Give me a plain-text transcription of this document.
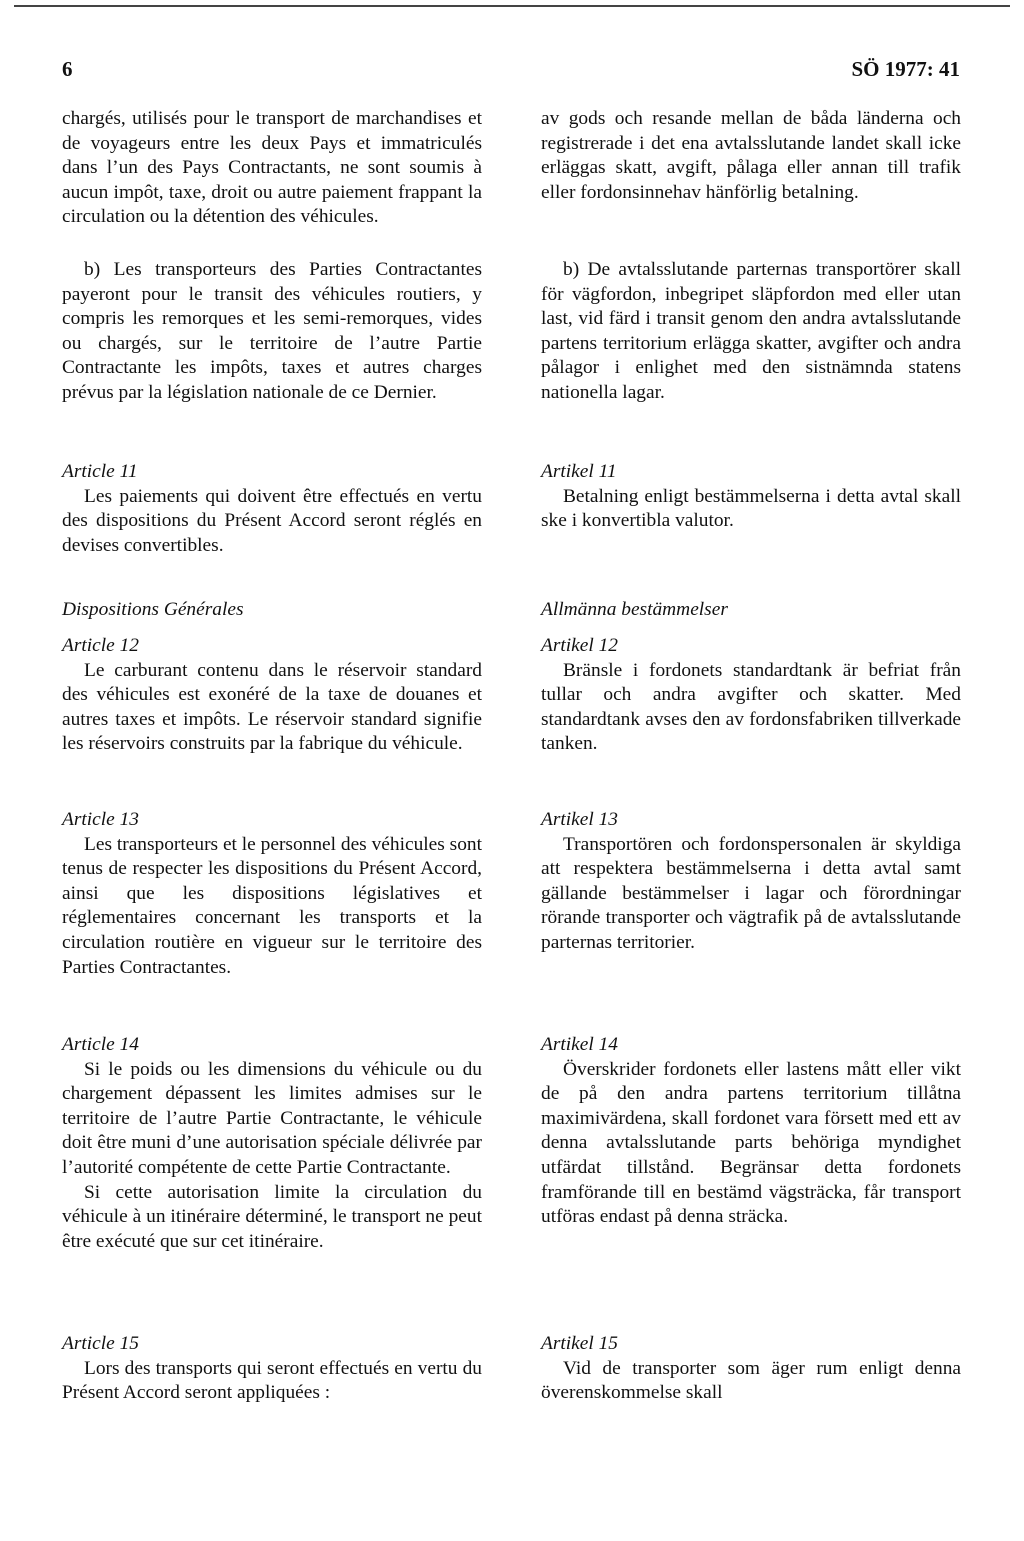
6	SÖ 1977: 41

chargés, utilisés pour le transport de marchandises et de voyageurs entre les deux Pays et immatriculés dans l’un des Pays Contractants, ne sont soumis à aucun impôt, taxe, droit ou autre paiement frappant la circulation ou la détention des véhicules.

b) Les transporteurs des Parties Contractantes payeront pour le transit des véhicules routiers, y compris les remorques et les semi-remorques, vides ou chargés, sur le territoire de l’autre Partie Contractante les impôts, taxes et autres charges prévus par la législation nationale de ce Dernier.

Article 11

Les paiements qui doivent être effectués en vertu des dispositions du Présent Accord seront réglés en devises convertibles.

Dispositions Générales

Article 12

Le carburant contenu dans le réservoir standard des véhicules est exonéré de la taxe de douanes et autres taxes et impôts. Le réservoir standard signifie les réservoirs construits par la fabrique du véhicule.

Article 13

Les transporteurs et le personnel des véhicules sont tenus de respecter les dispositions du Présent Accord, ainsi que les dispositions législatives et réglementaires concernant les transports et la circulation routière en vigueur sur le territoire des Parties Contractantes.

Article 14

Si le poids ou les dimensions du véhicule ou du chargement dépassent les limites admises sur le territoire de l’autre Partie Contractante, le véhicule doit être muni d’une autorisation spéciale délivrée par l’autorité compétente de cette Partie Contractante.

Si cette autorisation limite la circulation du véhicule à un itinéraire déterminé, le transport ne peut être exécuté que sur cet itinéraire.

Article 15

Lors des transports qui seront effectués en vertu du Présent Accord seront appliquées :

av gods och resande mellan de båda länderna och registrerade i det ena avtalsslutande landet skall icke erläggas skatt, avgift, pålaga eller annan till trafik eller fordonsinnehav hänförlig betalning.

b) De avtalsslutande parternas transportörer skall för vägfordon, inbegripet släpfordon med eller utan last, vid färd i transit genom den andra avtalsslutande partens territorium erlägga skatter, avgifter och andra pålagor i enlighet med den sistnämnda statens nationella lagar.

Artikel 11

Betalning enligt bestämmelserna i detta avtal skall ske i konvertibla valutor.

Allmänna bestämmelser

Artikel 12

Bränsle i fordonets standardtank är befriat från tullar och andra avgifter och skatter. Med standardtank avses den av fordonsfabriken tillverkade tanken.

Artikel 13

Transportören och fordonspersonalen är skyldiga att respektera bestämmelserna i detta avtal samt gällande bestämmelser i lagar och förordningar rörande transporter och vägtrafik på de avtalsslutande parternas territorier.

Artikel 14

Överskrider fordonets eller lastens mått eller vikt de på den andra partens territorium tillåtna maximivärdena, skall fordonet vara försett med ett av denna avtalsslutande parts behöriga myndighet utfärdat tillstånd. Begränsar detta fordonets framförande till en bestämd vägsträcka, får transport utföras endast på denna sträcka.

Artikel 15

Vid de transporter som äger rum enligt denna överenskommelse skall
